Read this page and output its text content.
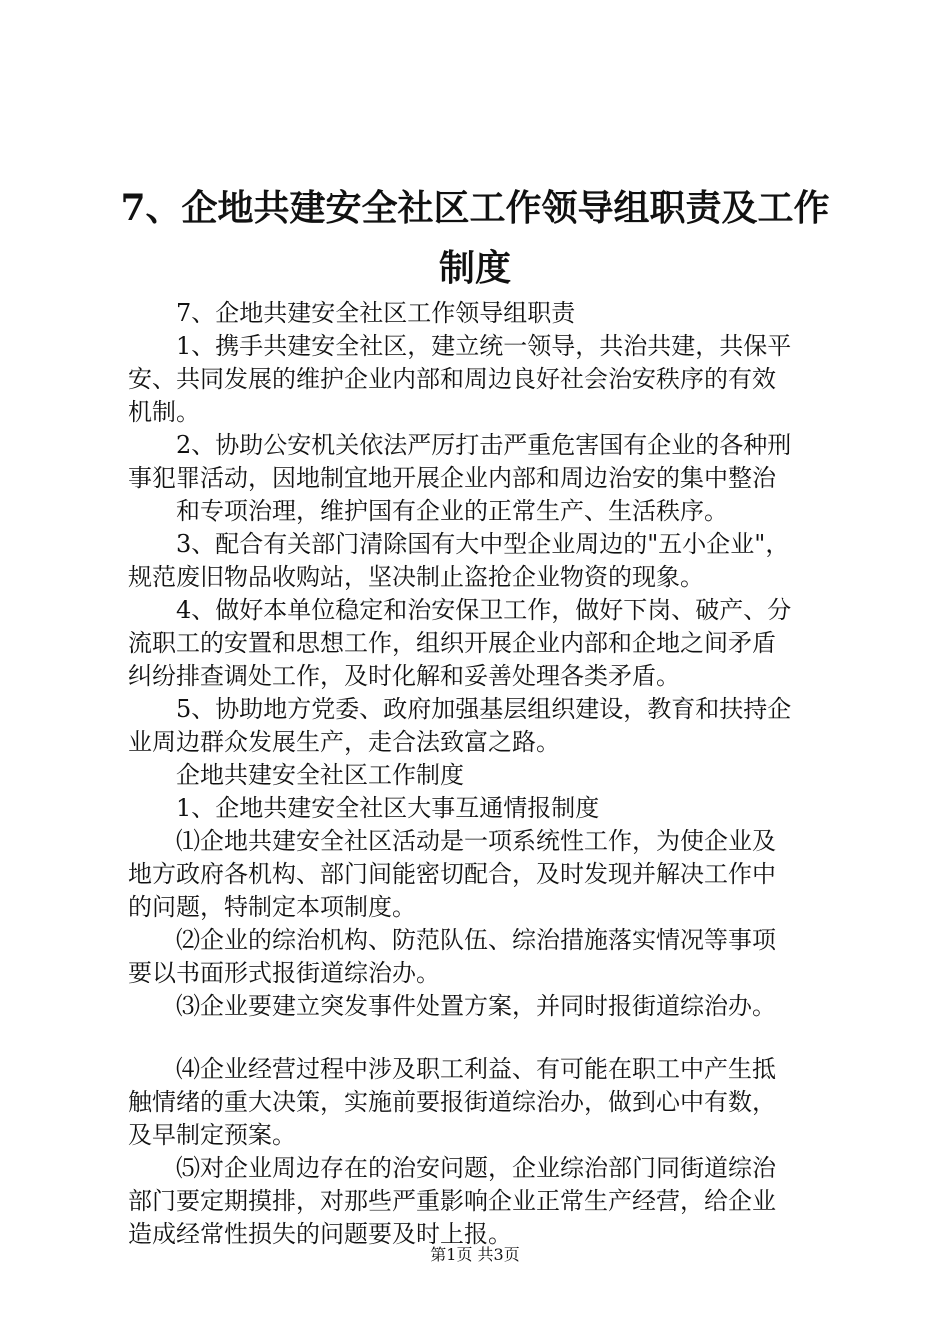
7、企地共建安全社区工作领导组职责及工作
制度
7、企地共建安全社区工作领导组职责
1、携手共建安全社区，建立统一领导，共治共建，共保平
安、共同发展的维护企业内部和周边良好社会治安秩序的有效
机制。
2、协助公安机关依法严厉打击严重危害国有企业的各种刑
事犯罪活动，因地制宜地开展企业内部和周边治安的集中整治
和专项治理，维护国有企业的正常生产、生活秩序。
3、配合有关部门清除国有大中型企业周边的"五小企业"，
规范废旧物品收购站，坚决制止盗抢企业物资的现象。
4、做好本单位稳定和治安保卫工作，做好下岗、破产、分
流职工的安置和思想工作，组织开展企业内部和企地之间矛盾
纠纷排查调处工作，及时化解和妥善处理各类矛盾。
5、协助地方党委、政府加强基层组织建设，教育和扶持企
业周边群众发展生产，走合法致富之路。
企地共建安全社区工作制度
1、企地共建安全社区大事互通情报制度
⑴企地共建安全社区活动是一项系统性工作，为使企业及
地方政府各机构、部门间能密切配合，及时发现并解决工作中
的问题，特制定本项制度。
⑵企业的综治机构、防范队伍、综治措施落实情况等事项
要以书面形式报街道综治办。
⑶企业要建立突发事件处置方案，并同时报街道综治办。
⑷企业经营过程中涉及职工利益、有可能在职工中产生抵
触情绪的重大决策，实施前要报街道综治办，做到心中有数，
及早制定预案。
⑸对企业周边存在的治安问题，企业综治部门同街道综治
部门要定期摸排，对那些严重影响企业正常生产经营，给企业
造成经常性损失的问题要及时上报。
第1页 共3页
